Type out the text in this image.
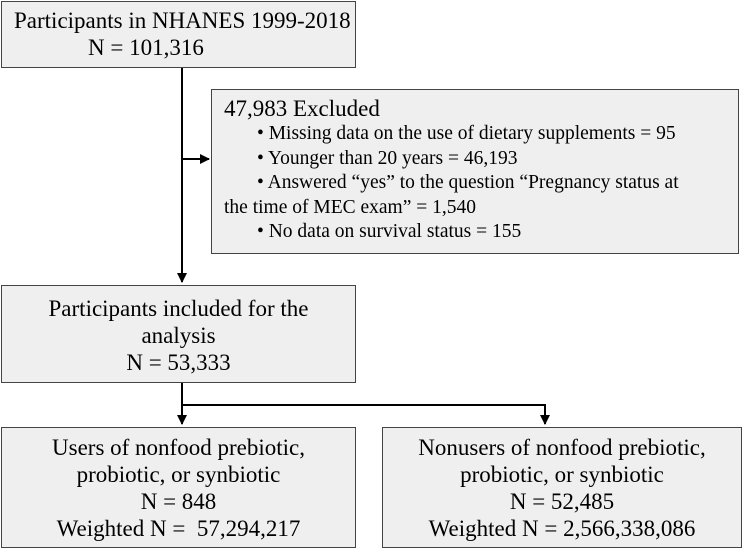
Participants in NHANES 1999-2018
N = 101,316
47,983 Excluded
• Missing data on the use of dietary supplements = 95
• Younger than 20 years = 46,193
• Answered “yes” to the question “Pregnancy status at
the time of MEC exam” = 1,540
• No data on survival status = 155
Participants included for the
analysis
N = 53,333
Users of nonfood prebiotic,
probiotic, or synbiotic
N = 848
Weighted N =  57,294,217
Nonusers of nonfood prebiotic,
probiotic, or synbiotic
N = 52,485
Weighted N = 2,566,338,086
